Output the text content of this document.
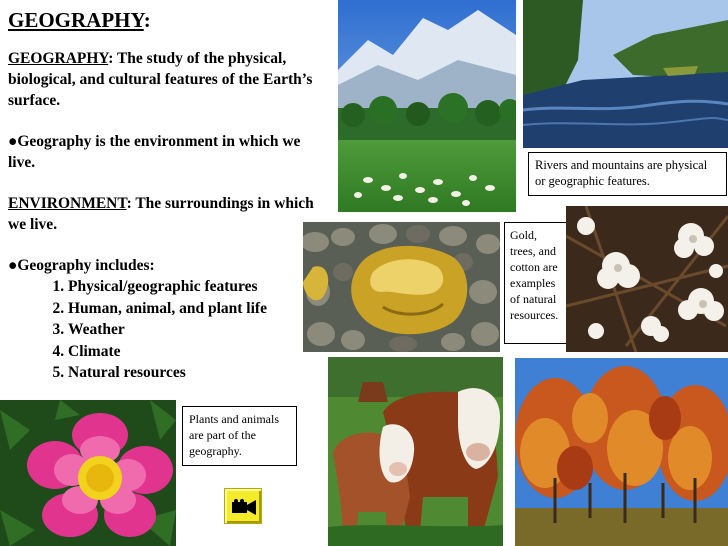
GEOGRAPHY:

GEOGRAPHY: The study of the physical, biological, and cultural features of the Earth’s surface.

●Geography is the environment in which we live.

ENVIRONMENT: The surroundings in which we live.

●Geography includes:

1. Physical/geographic features
2. Human, animal, and plant life
3. Weather
4. Climate
5. Natural resources
Rivers and mountains are physical or geographic features.
Gold, trees, and cotton are examples of natural resources.
Plants and animals are part of the geography.
